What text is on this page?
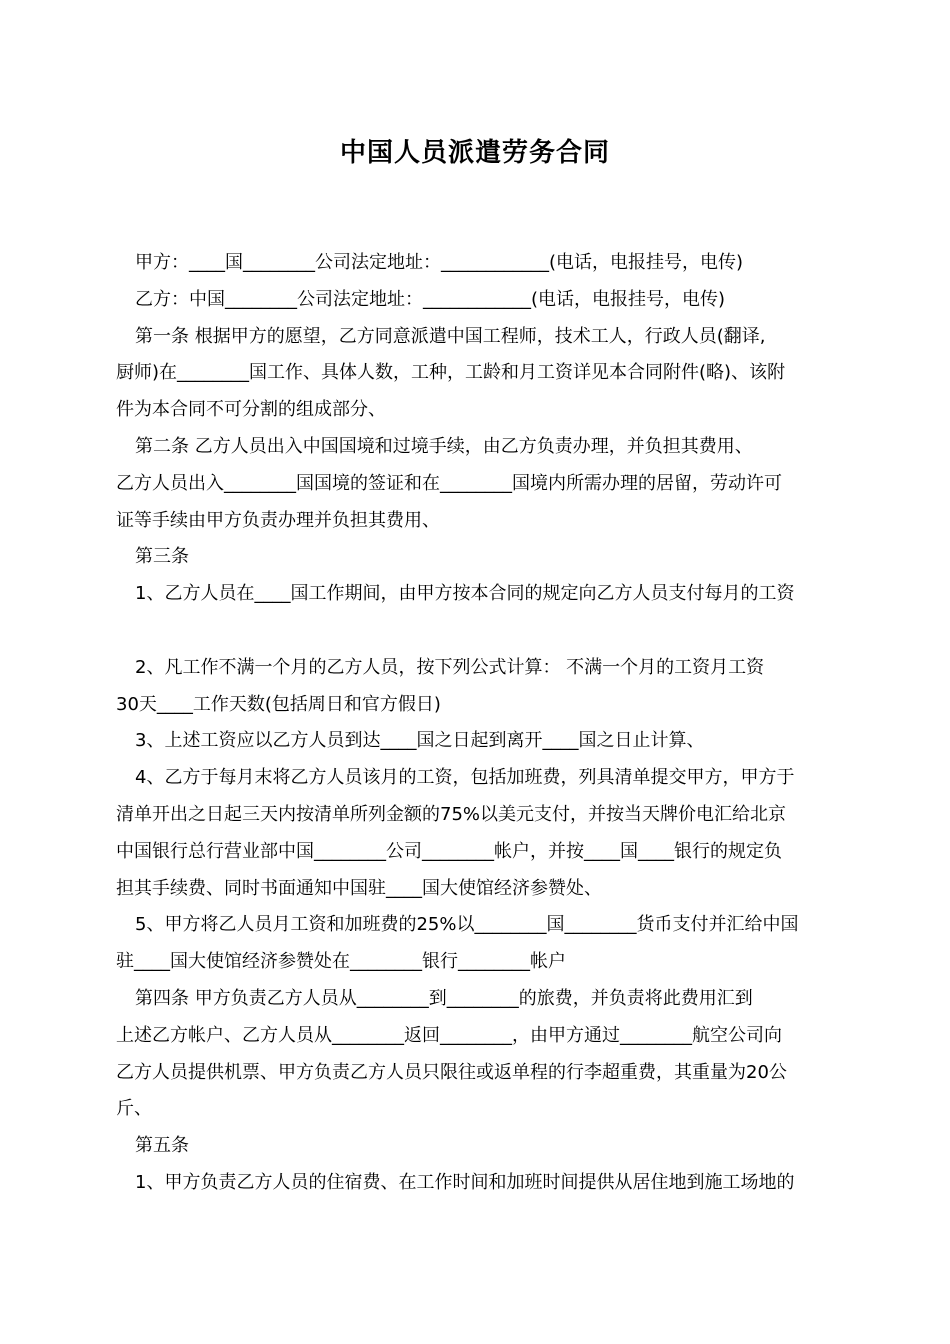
中国人员派遣劳务合同

甲方：____国________公司法定地址：____________(电话，电报挂号，电传)

乙方：中国________公司法定地址：____________(电话，电报挂号，电传)

第一条 根据甲方的愿望，乙方同意派遣中国工程师，技术工人，行政人员(翻译,

厨师)在________国工作、具体人数，工种，工龄和月工资详见本合同附件(略)、该附

件为本合同不可分割的组成部分、

第二条 乙方人员出入中国国境和过境手续，由乙方负责办理，并负担其费用、

乙方人员出入________国国境的签证和在________国境内所需办理的居留，劳动许可

证等手续由甲方负责办理并负担其费用、

第三条

1、乙方人员在____国工作期间，由甲方按本合同的规定向乙方人员支付每月的工资

2、凡工作不满一个月的乙方人员，按下列公式计算： 不满一个月的工资月工资

30天____工作天数(包括周日和官方假日)

3、上述工资应以乙方人员到达____国之日起到离开____国之日止计算、

4、乙方于每月末将乙方人员该月的工资，包括加班费，列具清单提交甲方，甲方于

清单开出之日起三天内按清单所列金额的75%以美元支付，并按当天牌价电汇给北京

中国银行总行营业部中国________公司________帐户，并按____国____银行的规定负

担其手续费、同时书面通知中国驻____国大使馆经济参赞处、

5、甲方将乙人员月工资和加班费的25%以________国________货币支付并汇给中国

驻____国大使馆经济参赞处在________银行________帐户

第四条 甲方负责乙方人员从________到________的旅费，并负责将此费用汇到

上述乙方帐户、乙方人员从________返回________，由甲方通过________航空公司向

乙方人员提供机票、甲方负责乙方人员只限往或返单程的行李超重费，其重量为20公

斤、

第五条

1、甲方负责乙方人员的住宿费、在工作时间和加班时间提供从居住地到施工场地的
